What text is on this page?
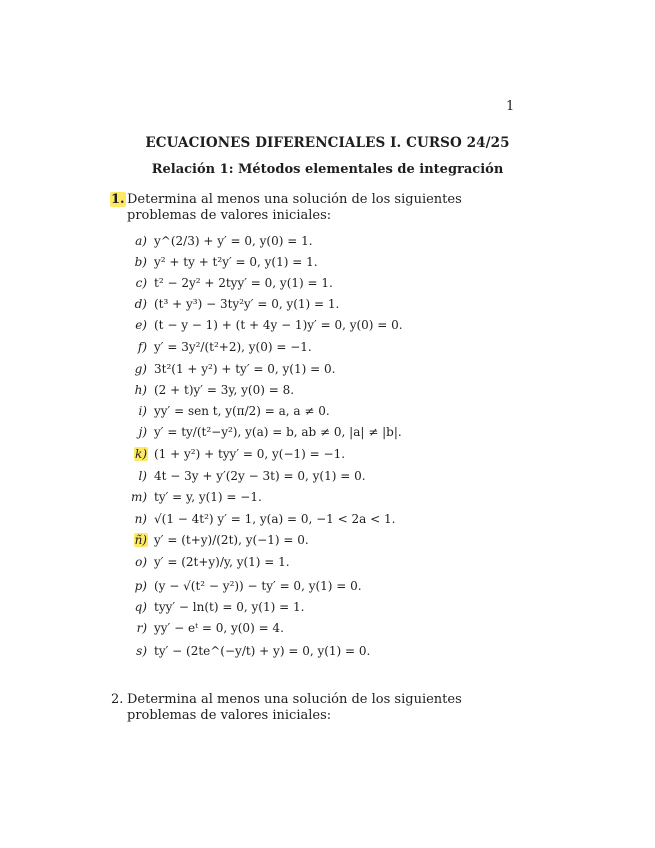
1
ECUACIONES DIFERENCIALES I. CURSO 24/25
Relación 1: Métodos elementales de integración
1. Determina al menos una solución de los siguientes problemas de valores iniciales:
a) y^(2/3) + y′ = 0, y(0) = 1.
b) y² + ty + t²y′ = 0, y(1) = 1.
c) t² − 2y² + 2tyy′ = 0, y(1) = 1.
d) (t³ + y³) − 3ty²y′ = 0, y(1) = 1.
e) (t − y − 1) + (t + 4y − 1)y′ = 0, y(0) = 0.
f) y′ = 3y²/(t²+2), y(0) = −1.
g) 3t²(1 + y²) + ty′ = 0, y(1) = 0.
h) (2 + t)y′ = 3y, y(0) = 8.
i) yy′ = sen t, y(π/2) = a, a ≠ 0.
j) y′ = ty/(t²−y²), y(a) = b, ab ≠ 0, |a| ≠ |b|.
k) (1 + y²) + tyy′ = 0, y(−1) = −1.
l) 4t − 3y + y′(2y − 3t) = 0, y(1) = 0.
m) ty′ = y, y(1) = −1.
n) √(1 − 4t²) y′ = 1, y(a) = 0, −1 < 2a < 1.
ñ) y′ = (t+y)/(2t), y(−1) = 0.
o) y′ = (2t+y)/y, y(1) = 1.
p) (y − √(t² − y²)) − ty′ = 0, y(1) = 0.
q) tyy′ − ln(t) = 0, y(1) = 1.
r) yy′ − eᵗ = 0, y(0) = 4.
s) ty′ − (2te^(−y/t) + y) = 0, y(1) = 0.
2. Determina al menos una solución de los siguientes problemas de valores iniciales:
